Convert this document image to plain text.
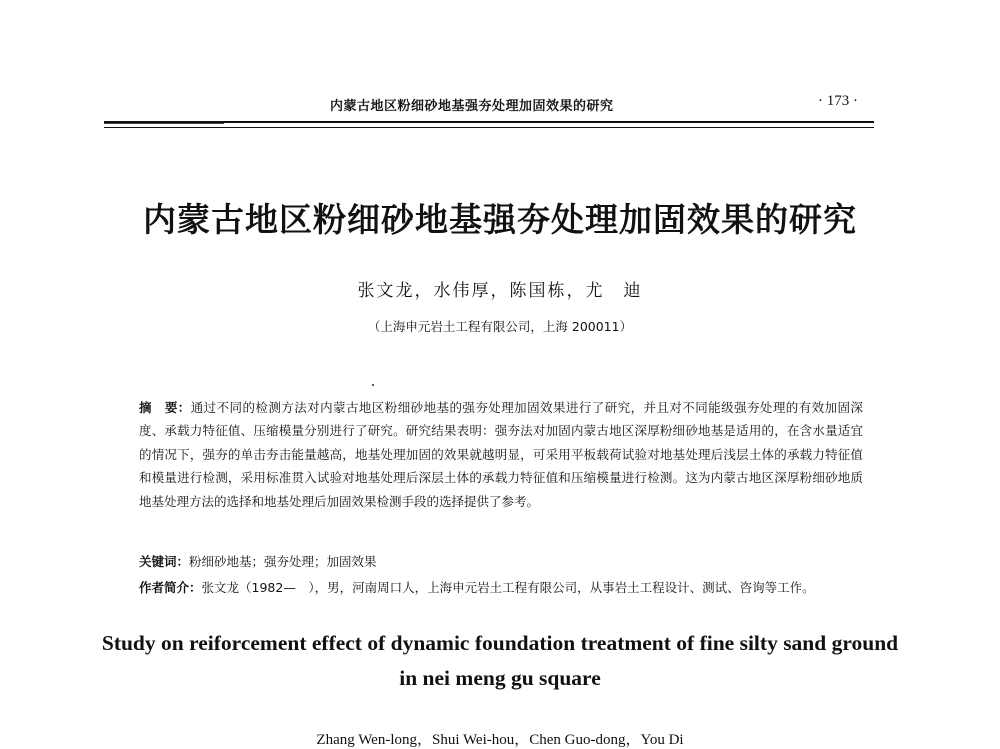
内蒙古地区粉细砂地基强夯处理加固效果的研究	· 173 ·
内蒙古地区粉细砂地基强夯处理加固效果的研究
张文龙，水伟厚，陈国栋，尤　迪
（上海申元岩土工程有限公司，上海 200011）

摘　要：通过不同的检测方法对内蒙古地区粉细砂地基的强夯处理加固效果进行了研究，并且对不同能级强夯处理的有效加固深度、承载力特征值、压缩模量分别进行了研究。研究结果表明：强夯法对加固内蒙古地区深厚粉细砂地基是适用的，在含水量适宜的情况下，强夯的单击夯击能量越高，地基处理加固的效果就越明显，可采用平板载荷试验对地基处理后浅层土体的承载力特征值和模量进行检测，采用标准贯入试验对地基处理后深层土体的承载力特征值和压缩模量进行检测。这为内蒙古地区深厚粉细砂地质地基处理方法的选择和地基处理后加固效果检测手段的选择提供了参考。

关键词：粉细砂地基；强夯处理；加固效果
作者简介：张文龙（1982—　），男，河南周口人，上海申元岩土工程有限公司，从事岩土工程设计、测试、咨询等工作。
Study on reiforcement effect of dynamic foundation treatment of fine silty sand ground in nei meng gu square
Zhang Wen-long，Shui Wei-hou，Chen Guo-dong，You Di
